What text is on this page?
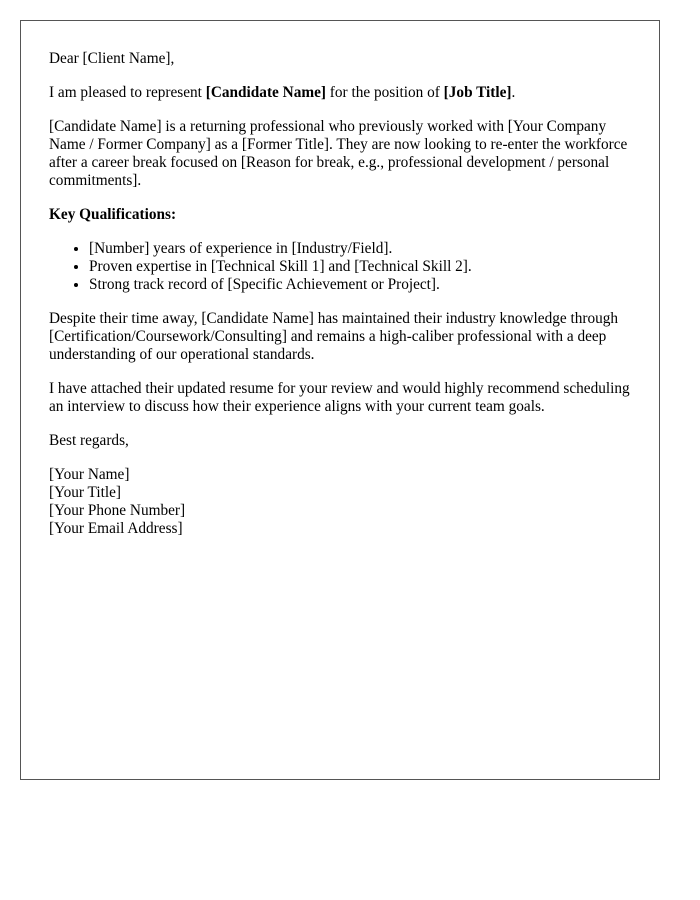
Dear [Client Name],

I am pleased to represent [Candidate Name] for the position of [Job Title].

[Candidate Name] is a returning professional who previously worked with [Your Company Name / Former Company] as a [Former Title]. They are now looking to re-enter the workforce after a career break focused on [Reason for break, e.g., professional development / personal commitments].

Key Qualifications:

• [Number] years of experience in [Industry/Field].
• Proven expertise in [Technical Skill 1] and [Technical Skill 2].
• Strong track record of [Specific Achievement or Project].

Despite their time away, [Candidate Name] has maintained their industry knowledge through [Certification/Coursework/Consulting] and remains a high-caliber professional with a deep understanding of our operational standards.

I have attached their updated resume for your review and would highly recommend scheduling an interview to discuss how their experience aligns with your current team goals.

Best regards,

[Your Name]
[Your Title]
[Your Phone Number]
[Your Email Address]
